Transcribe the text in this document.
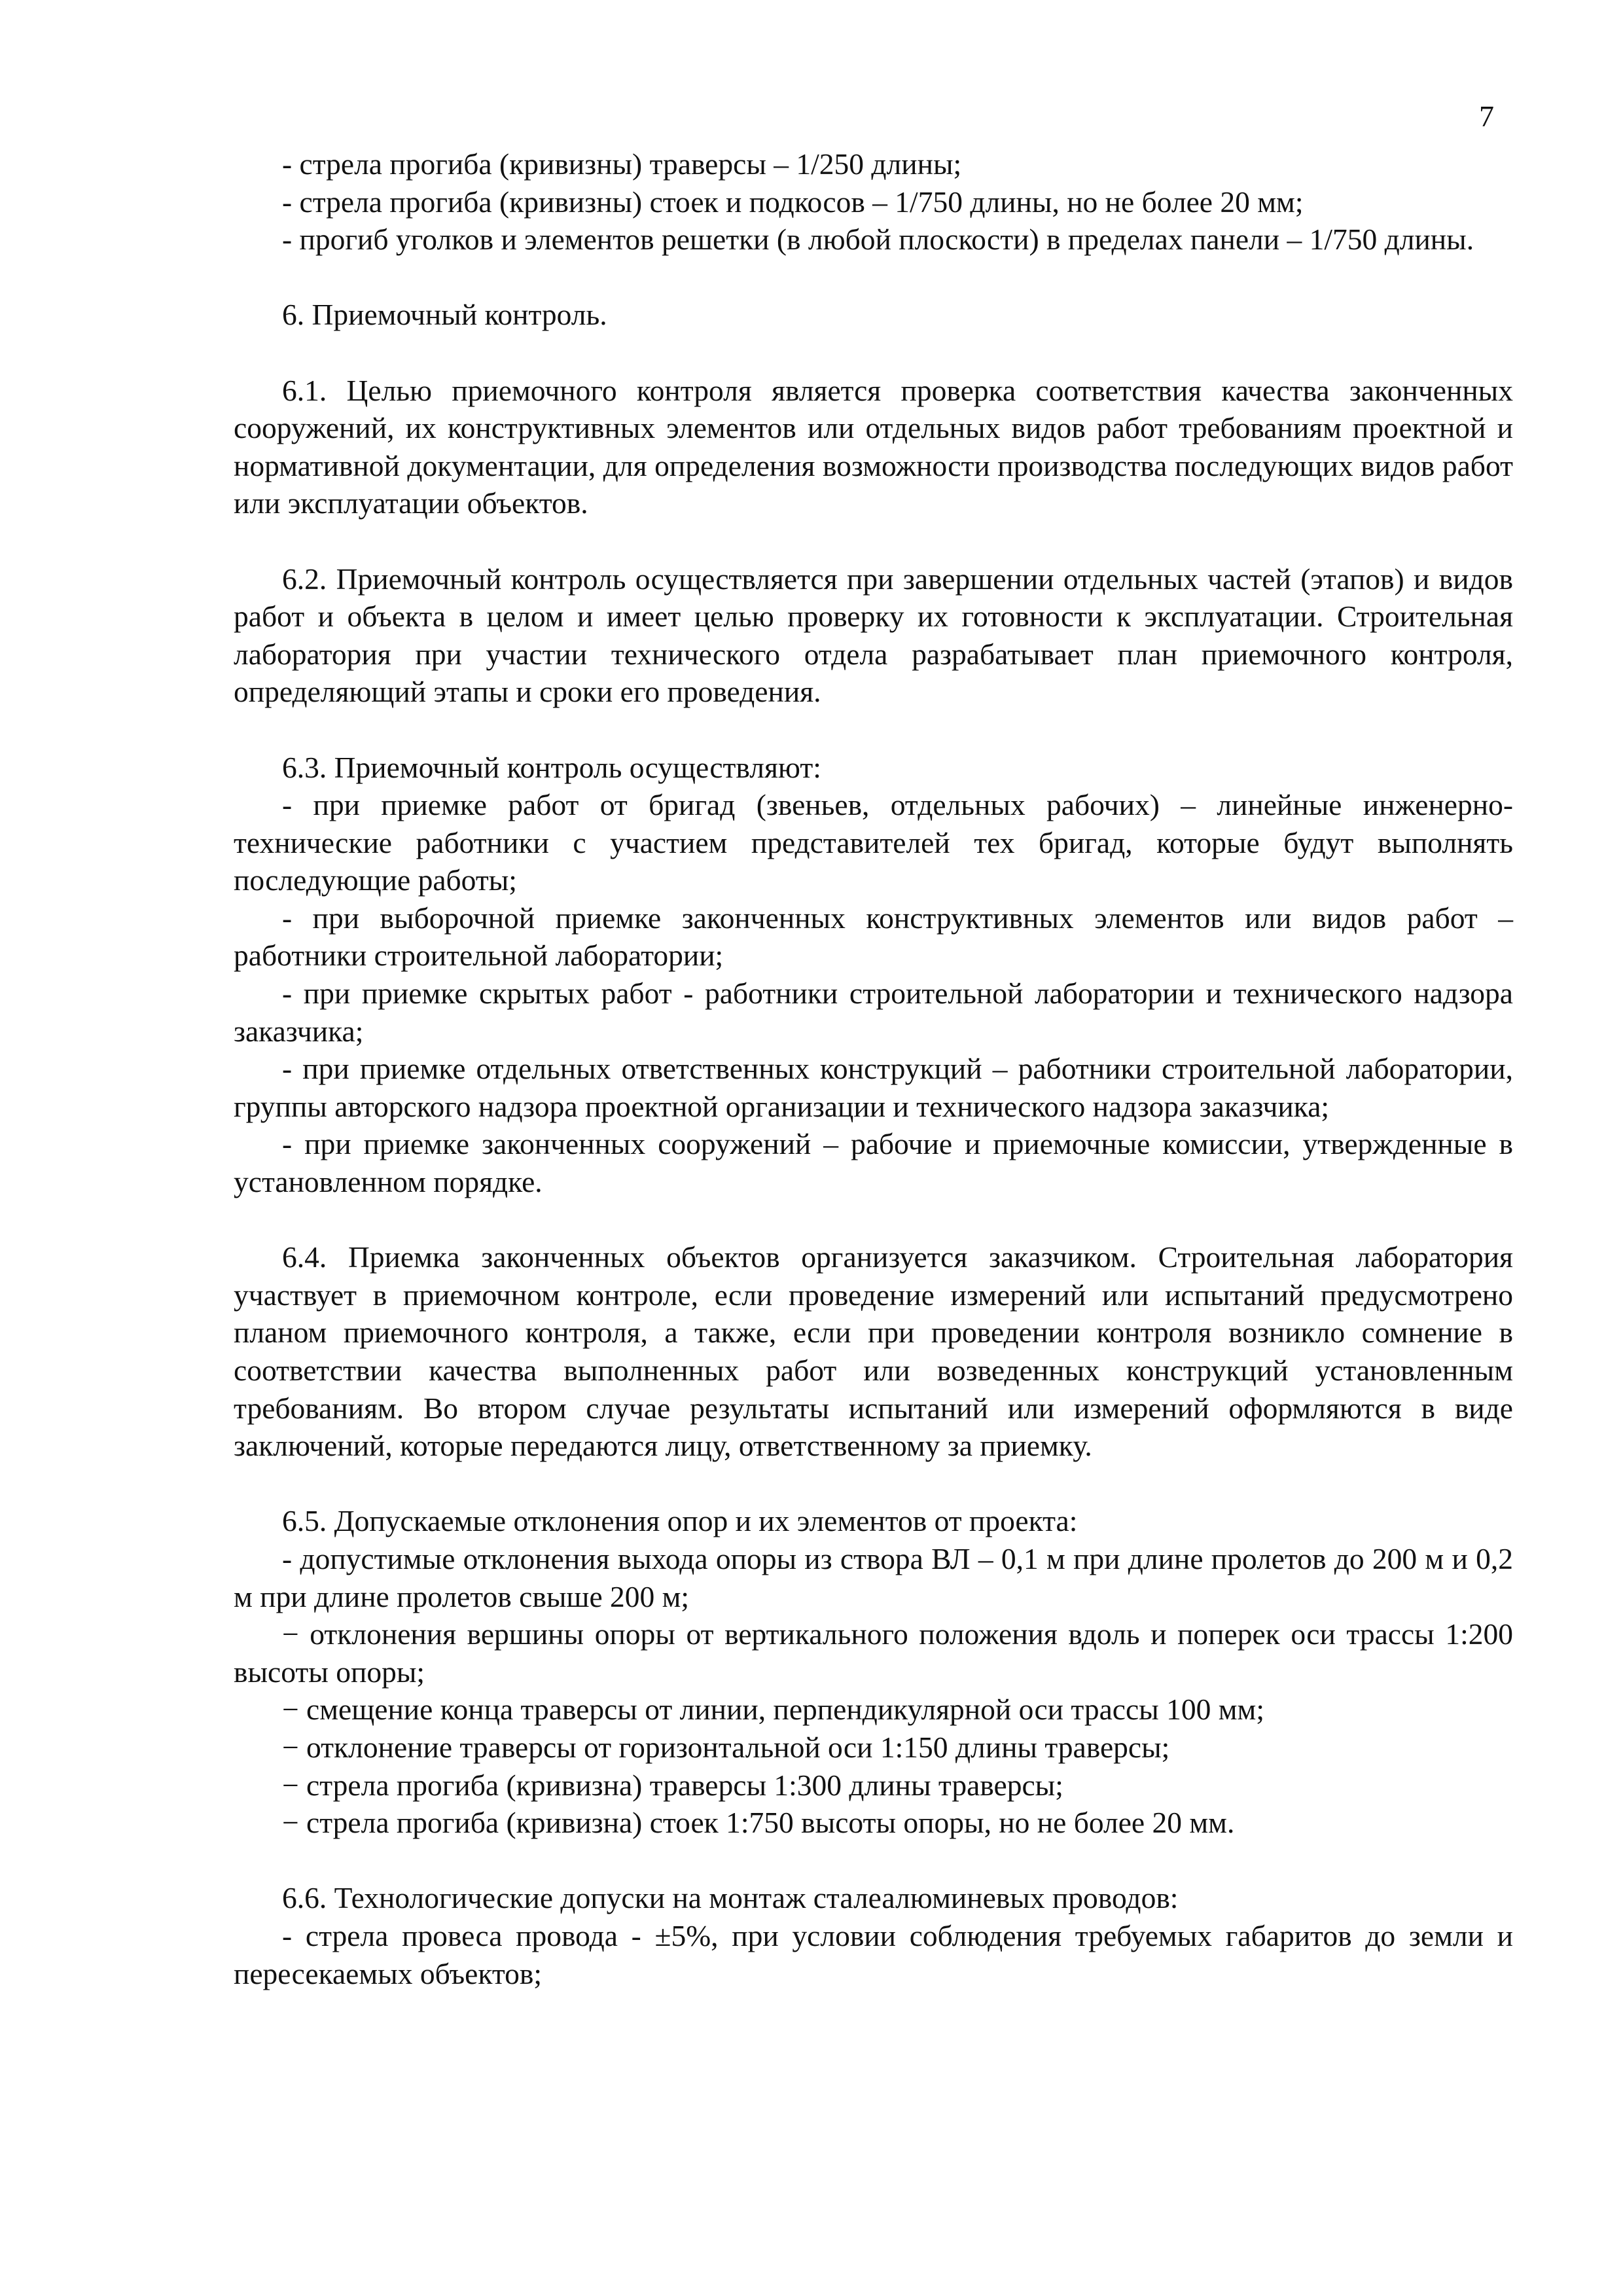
7

- стрела прогиба (кривизны) траверсы – 1/250 длины;

- стрела прогиба (кривизны) стоек и подкосов – 1/750 длины, но не более 20 мм;

- прогиб уголков и элементов решетки (в любой плоскости) в пределах панели – 1/750 длины.

6. Приемочный контроль.

6.1. Целью приемочного контроля является проверка соответствия качества законченных сооружений, их конструктивных элементов или отдельных видов работ требованиям проектной и нормативной документации, для определения возможности производства последующих видов работ или эксплуатации объектов.

6.2. Приемочный контроль осуществляется при завершении отдельных частей (этапов) и видов работ и объекта в целом и имеет целью проверку их готовности к эксплуатации. Строительная лаборатория при участии технического отдела разрабатывает план приемочного контроля, определяющий этапы и сроки его проведения.

6.3. Приемочный контроль осуществляют:

- при приемке работ от бригад (звеньев, отдельных рабочих) – линейные инженерно-технические работники с участием представителей тех бригад, которые будут выполнять последующие работы;

- при выборочной приемке законченных конструктивных элементов или видов работ – работники строительной лаборатории;

- при приемке скрытых работ - работники строительной лаборатории и технического надзора заказчика;

- при приемке отдельных ответственных конструкций – работники строительной лаборатории, группы авторского надзора проектной организации и технического надзора заказчика;

- при приемке законченных сооружений – рабочие и приемочные комиссии, утвержденные в установленном порядке.

6.4. Приемка законченных объектов организуется заказчиком. Строительная лаборатория участвует в приемочном контроле, если проведение измерений или испытаний предусмотрено планом приемочного контроля, а также, если при проведении контроля возникло сомнение в соответствии качества выполненных работ или возведенных конструкций установленным требованиям. Во втором случае результаты испытаний или измерений оформляются в виде заключений, которые передаются лицу, ответственному за приемку.

6.5. Допускаемые отклонения опор и их элементов от проекта:

- допустимые отклонения выхода опоры из створа ВЛ – 0,1 м при длине пролетов до 200 м и 0,2 м при длине пролетов свыше 200 м;

− отклонения вершины опоры от вертикального положения вдоль и поперек оси трассы 1:200 высоты опоры;

− смещение конца траверсы от линии, перпендикулярной оси трассы 100 мм;

− отклонение траверсы от горизонтальной оси 1:150 длины траверсы;

− стрела прогиба (кривизна) траверсы 1:300 длины траверсы;

− стрела прогиба (кривизна) стоек 1:750 высоты опоры, но не более 20 мм.

6.6. Технологические допуски на монтаж сталеалюминевых проводов:

- стрела провеса провода - ±5%, при условии соблюдения требуемых габаритов до земли и пересекаемых объектов;
